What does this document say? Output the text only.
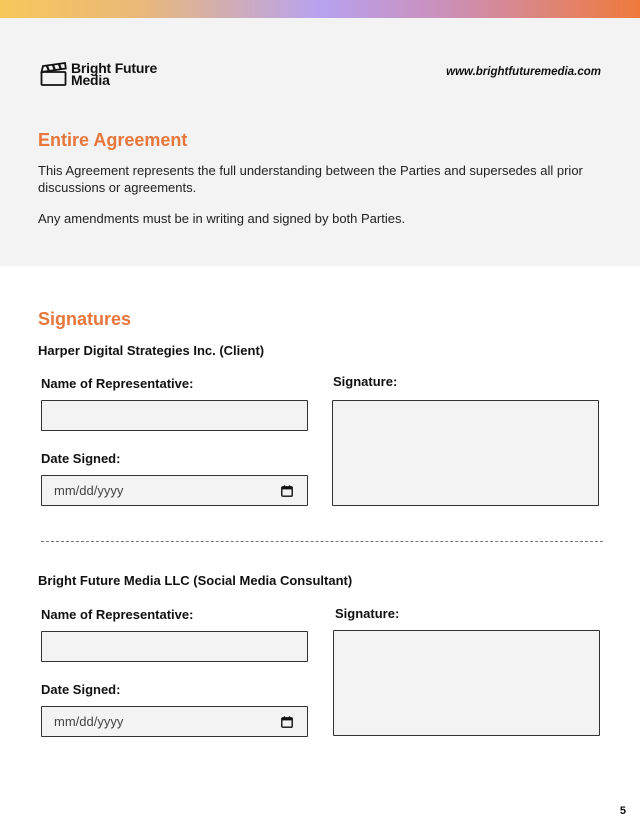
Bright Future
Media	www.brightfuturemedia.com
Entire Agreement
This Agreement represents the full understanding between the Parties and supersedes all prior discussions or agreements.
Any amendments must be in writing and signed by both Parties.
Signatures
Harper Digital Strategies Inc. (Client)
Name of Representative:	Signature:
Date Signed:
mm/dd/yyyy
Bright Future Media LLC (Social Media Consultant)
Name of Representative:	Signature:
Date Signed:
mm/dd/yyyy
5
